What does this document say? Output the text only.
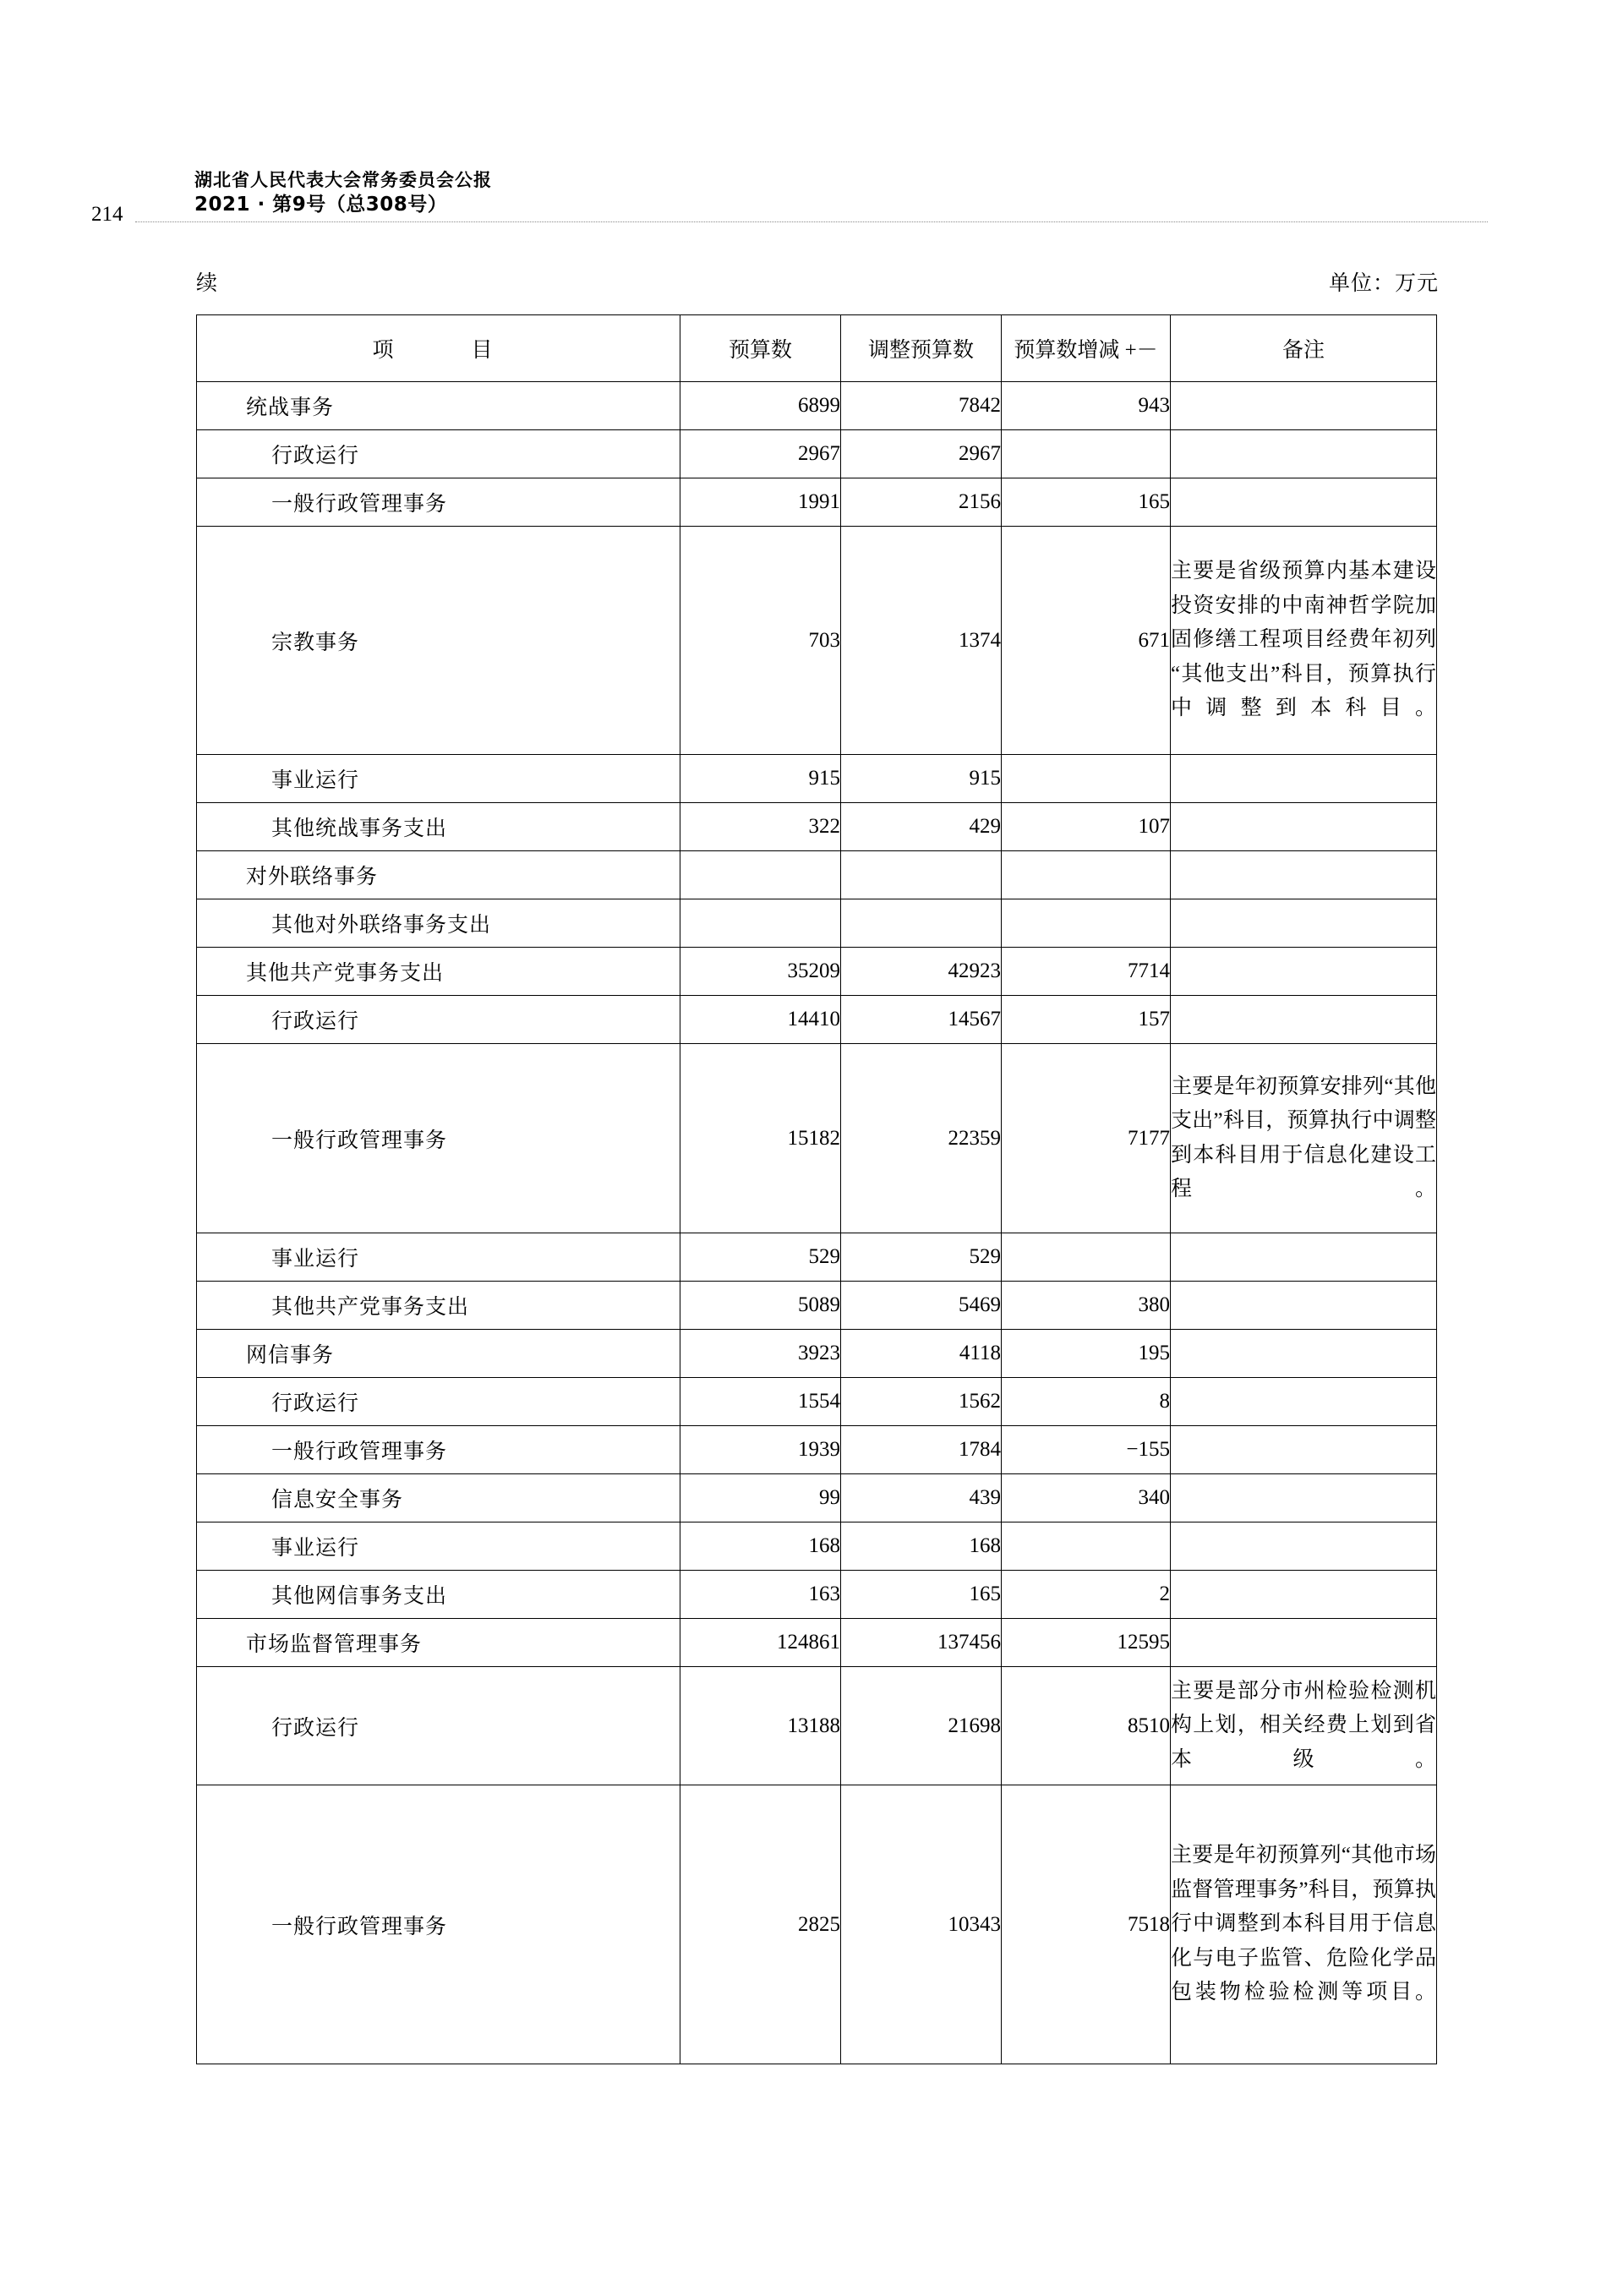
214
湖北省人民代表大会常务委员会公报
2021 · 第9号（总308号）
续	单位：万元
项　　目	预算数	调整预算数	预算数增减 +－	备注
统战事务	6899	7842	943	
行政运行	2967	2967		
一般行政管理事务	1991	2156	165	
宗教事务	703	1374	671	主要是省级预算内基本建设投资安排的中南神哲学院加固修缮工程项目经费年初列“其他支出”科目，预算执行中调整到本科目。
事业运行	915	915		
其他统战事务支出	322	429	107	
对外联络事务				
其他对外联络事务支出				
其他共产党事务支出	35209	42923	7714	
行政运行	14410	14567	157	
一般行政管理事务	15182	22359	7177	主要是年初预算安排列“其他支出”科目，预算执行中调整到本科目用于信息化建设工程。
事业运行	529	529		
其他共产党事务支出	5089	5469	380	
网信事务	3923	4118	195	
行政运行	1554	1562	8	
一般行政管理事务	1939	1784	−155	
信息安全事务	99	439	340	
事业运行	168	168		
其他网信事务支出	163	165	2	
市场监督管理事务	124861	137456	12595	
行政运行	13188	21698	8510	主要是部分市州检验检测机构上划，相关经费上划到省本级。
一般行政管理事务	2825	10343	7518	主要是年初预算列“其他市场监督管理事务”科目，预算执行中调整到本科目用于信息化与电子监管、危险化学品包装物检验检测等项目。
